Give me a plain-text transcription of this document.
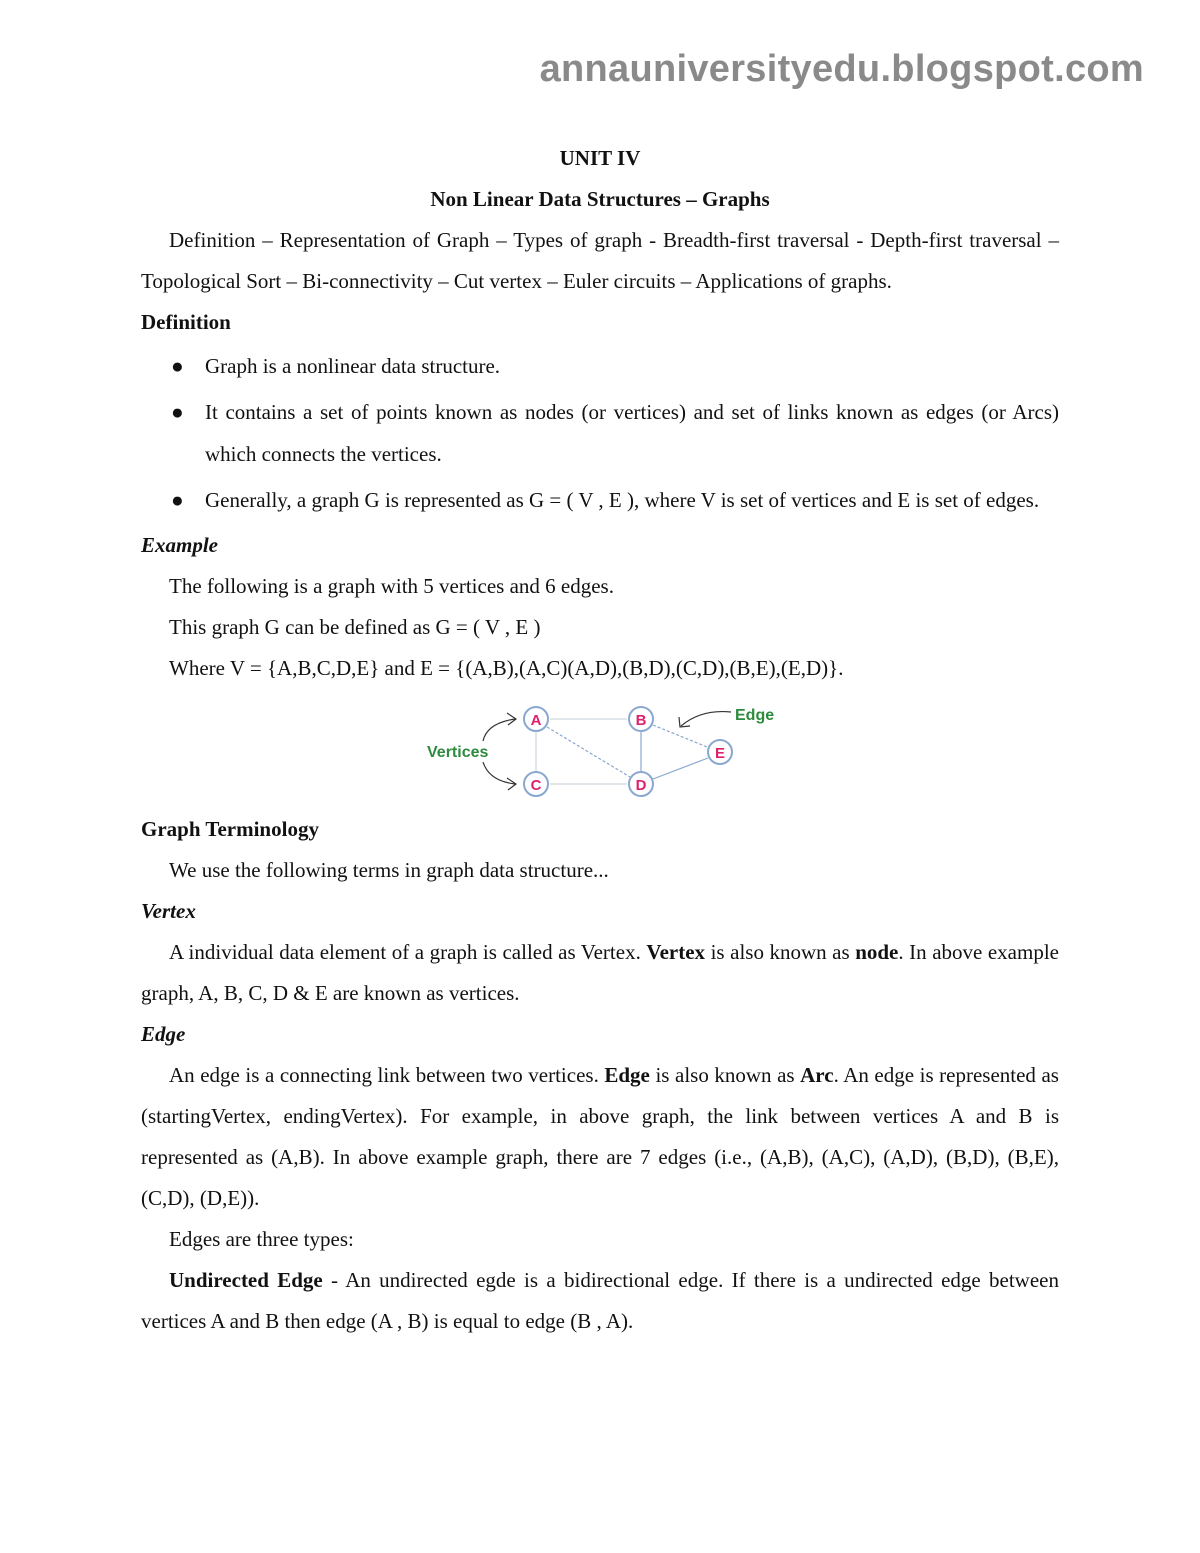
annauniversityedu.blogspot.com
UNIT IV
Non Linear Data Structures – Graphs
Definition – Representation of Graph – Types of graph - Breadth-first traversal - Depth-first traversal – Topological Sort – Bi-connectivity – Cut vertex – Euler circuits – Applications of graphs.
Definition
● Graph is a nonlinear data structure.
● It contains a set of points known as nodes (or vertices) and set of links known as edges (or Arcs) which connects the vertices.
● Generally, a graph G is represented as G = ( V , E ), where V is set of vertices and E is set of edges.
Example
The following is a graph with 5 vertices and 6 edges.
This graph G can be defined as G = ( V , E )
Where V = {A,B,C,D,E} and E = {(A,B),(A,C)(A,D),(B,D),(C,D),(B,E),(E,D)}.
A	B
C	D
E
Vertices
Edge
Graph Terminology
We use the following terms in graph data structure...
Vertex
A individual data element of a graph is called as Vertex. Vertex is also known as node. In above example graph, A, B, C, D & E are known as vertices.
Edge
An edge is a connecting link between two vertices. Edge is also known as Arc. An edge is represented as (startingVertex, endingVertex). For example, in above graph, the link between vertices A and B is represented as (A,B). In above example graph, there are 7 edges (i.e., (A,B), (A,C), (A,D), (B,D), (B,E), (C,D), (D,E)).
Edges are three types:
Undirected Edge - An undirected egde is a bidirectional edge. If there is a undirected edge between vertices A and B then edge (A , B) is equal to edge (B , A).
